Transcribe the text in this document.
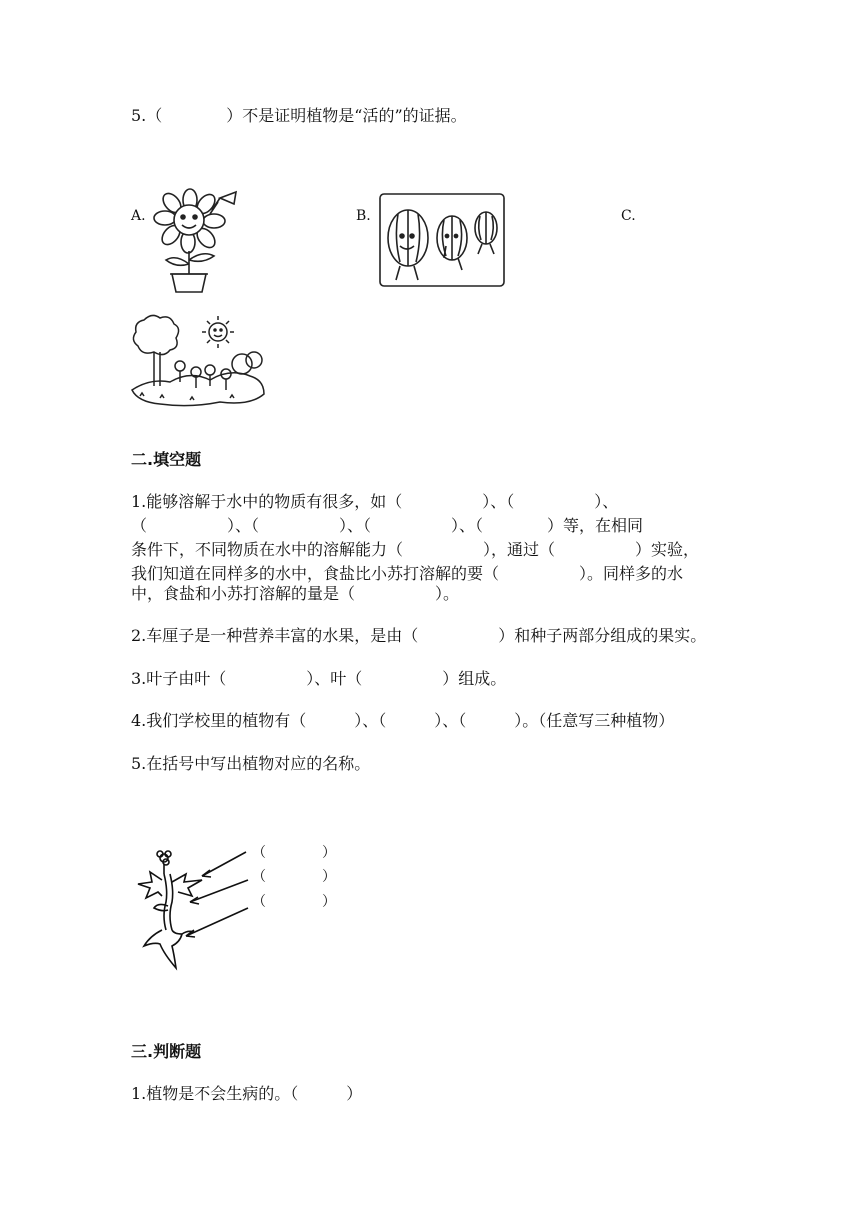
5.（　　　　）不是证明植物是“活的”的证据。
A.	B.	C.
二.填空题
1.能够溶解于水中的物质有很多，如（　　　　　）、（　　　　　）、
（　　　　　）、（　　　　　）、（　　　　　）、（　　　　）等，在相同
条件下，不同物质在水中的溶解能力（　　　　　），通过（　　　　　）实验，
我们知道在同样多的水中，食盐比小苏打溶解的要（　　　　　）。同样多的水
中，食盐和小苏打溶解的量是（　　　　　）。
2.车厘子是一种营养丰富的水果，是由（　　　　　）和种子两部分组成的果实。
3.叶子由叶（　　　　　）、叶（　　　　　）组成。
4.我们学校里的植物有（　　　）、（　　　）、（　　　）。（任意写三种植物）
5.在括号中写出植物对应的名称。
（　　　　）
（　　　　）
（　　　　）
三.判断题
1.植物是不会生病的。（　　　）
